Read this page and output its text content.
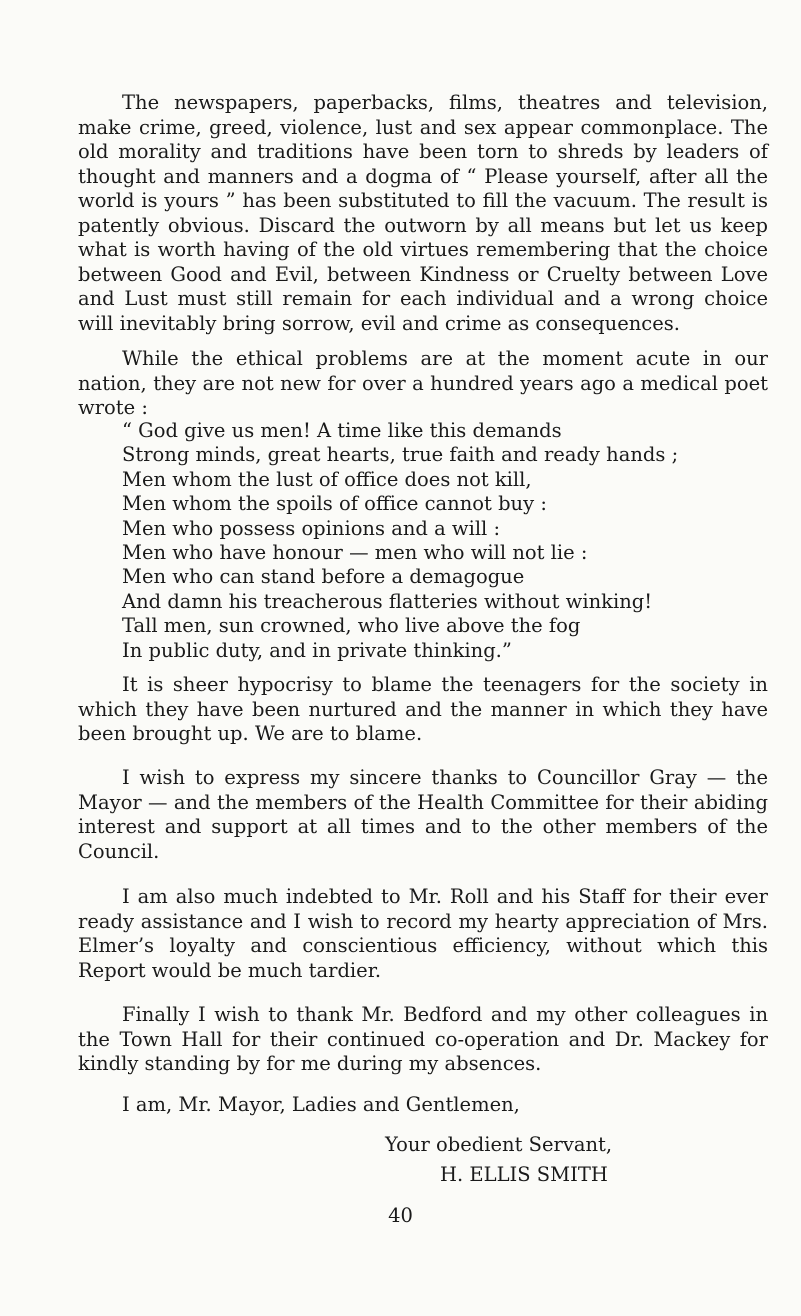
The newspapers, paperbacks, films, theatres and television, make crime, greed, violence, lust and sex appear commonplace. The old morality and traditions have been torn to shreds by leaders of thought and manners and a dogma of “ Please yourself, after all the world is yours ” has been substituted to fill the vacuum. The result is patently obvious. Discard the outworn by all means but let us keep what is worth having of the old virtues remembering that the choice between Good and Evil, between Kindness or Cruelty between Love and Lust must still remain for each individual and a wrong choice will inevitably bring sorrow, evil and crime as consequences.

While the ethical problems are at the moment acute in our nation, they are not new for over a hundred years ago a medical poet wrote :

“ God give us men! A time like this demands
Strong minds, great hearts, true faith and ready hands ;
Men whom the lust of office does not kill,
Men whom the spoils of office cannot buy :
Men who possess opinions and a will :
Men who have honour — men who will not lie :
Men who can stand before a demagogue
And damn his treacherous flatteries without winking!
Tall men, sun crowned, who live above the fog
In public duty, and in private thinking.”

It is sheer hypocrisy to blame the teenagers for the society in which they have been nurtured and the manner in which they have been brought up. We are to blame.

I wish to express my sincere thanks to Councillor Gray — the Mayor — and the members of the Health Committee for their abiding interest and support at all times and to the other members of the Council.

I am also much indebted to Mr. Roll and his Staff for their ever ready assistance and I wish to record my hearty appreciation of Mrs. Elmer’s loyalty and conscientious efficiency, without which this Report would be much tardier.

Finally I wish to thank Mr. Bedford and my other colleagues in the Town Hall for their continued co-operation and Dr. Mackey for kindly standing by for me during my absences.

I am, Mr. Mayor, Ladies and Gentlemen,
Your obedient Servant,
H. ELLIS SMITH
40
